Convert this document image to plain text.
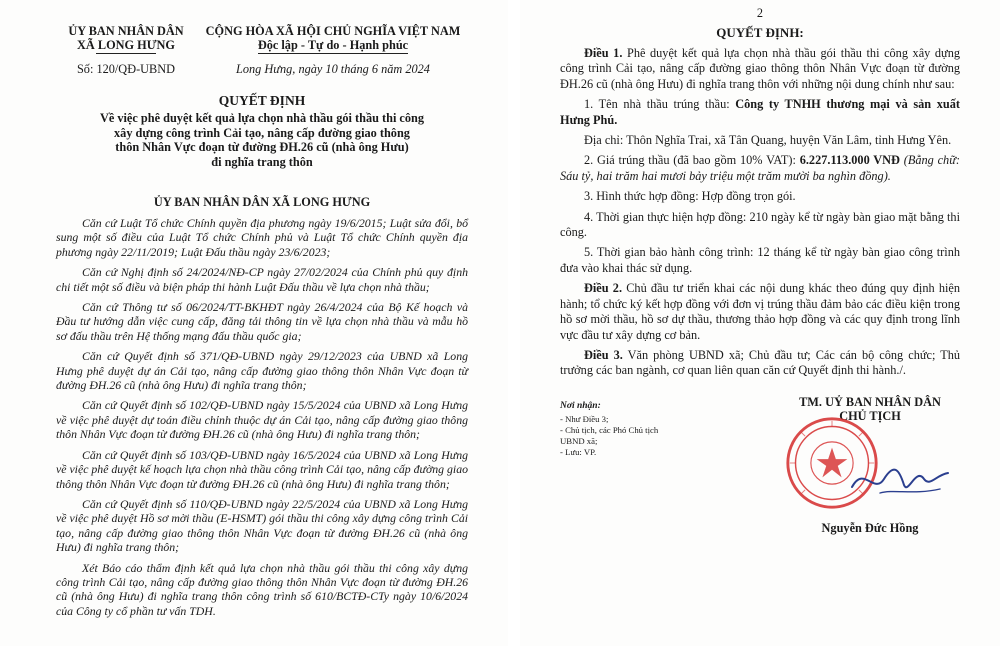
ỦY BAN NHÂN DÂN
XÃ LONG HƯNG
CỘNG HÒA XÃ HỘI CHỦ NGHĨA VIỆT NAM
Độc lập - Tự do - Hạnh phúc
Số: 120/QĐ-UBND	Long Hưng, ngày 10 tháng 6 năm 2024
QUYẾT ĐỊNH
Về việc phê duyệt kết quả lựa chọn nhà thầu gói thầu thi công
xây dựng công trình Cải tạo, nâng cấp đường giao thông
thôn Nhân Vực đoạn từ đường ĐH.26 cũ (nhà ông Hưu)
đi nghĩa trang thôn
ỦY BAN NHÂN DÂN XÃ LONG HƯNG

Căn cứ Luật Tổ chức Chính quyền địa phương ngày 19/6/2015; Luật sửa đổi, bổ sung một số điều của Luật Tổ chức Chính phủ và Luật Tổ chức Chính quyền địa phương ngày 22/11/2019; Luật Đấu thầu ngày 23/6/2023;

Căn cứ Nghị định số 24/2024/NĐ-CP ngày 27/02/2024 của Chính phủ quy định chi tiết một số điều và biện pháp thi hành Luật Đấu thầu về lựa chọn nhà thầu;

Căn cứ Thông tư số 06/2024/TT-BKHĐT ngày 26/4/2024 của Bộ Kế hoạch và Đầu tư hướng dẫn việc cung cấp, đăng tải thông tin về lựa chọn nhà thầu và mẫu hồ sơ đấu thầu trên Hệ thống mạng đấu thầu quốc gia;

Căn cứ Quyết định số 371/QĐ-UBND ngày 29/12/2023 của UBND xã Long Hưng phê duyệt dự án Cải tạo, nâng cấp đường giao thông thôn Nhân Vực đoạn từ đường ĐH.26 cũ (nhà ông Hưu) đi nghĩa trang thôn;

Căn cứ Quyết định số 102/QĐ-UBND ngày 15/5/2024 của UBND xã Long Hưng về việc phê duyệt dự toán điều chỉnh thuộc dự án Cải tạo, nâng cấp đường giao thông thôn Nhân Vực đoạn từ đường ĐH.26 cũ (nhà ông Hưu) đi nghĩa trang thôn;

Căn cứ Quyết định số 103/QĐ-UBND ngày 16/5/2024 của UBND xã Long Hưng về việc phê duyệt kế hoạch lựa chọn nhà thầu công trình Cải tạo, nâng cấp đường giao thông thôn Nhân Vực đoạn từ đường ĐH.26 cũ (nhà ông Hưu) đi nghĩa trang thôn;

Căn cứ Quyết định số 110/QĐ-UBND ngày 22/5/2024 của UBND xã Long Hưng về việc phê duyệt Hồ sơ mời thầu (E-HSMT) gói thầu thi công xây dựng công trình Cải tạo, nâng cấp đường giao thông thôn Nhân Vực đoạn từ đường ĐH.26 cũ (nhà ông Hưu) đi nghĩa trang thôn;

Xét Báo cáo thẩm định kết quả lựa chọn nhà thầu gói thầu thi công xây dựng công trình Cải tạo, nâng cấp đường giao thông thôn Nhân Vực đoạn từ đường ĐH.26 cũ (nhà ông Hưu) đi nghĩa trang thôn công trình số 610/BCTĐ-CTy ngày 10/6/2024 của Công ty cổ phần tư vấn TDH.

2
QUYẾT ĐỊNH:

Điều 1. Phê duyệt kết quả lựa chọn nhà thầu gói thầu thi công xây dựng công trình Cải tạo, nâng cấp đường giao thông thôn Nhân Vực đoạn từ đường ĐH.26 cũ (nhà ông Hưu) đi nghĩa trang thôn với những nội dung chính như sau:

1. Tên nhà thầu trúng thầu: Công ty TNHH thương mại và sản xuất Hưng Phú.

Địa chỉ: Thôn Nghĩa Trai, xã Tân Quang, huyện Văn Lâm, tỉnh Hưng Yên.

2. Giá trúng thầu (đã bao gồm 10% VAT): 6.227.113.000 VNĐ (Bằng chữ: Sáu tỷ, hai trăm hai mươi bảy triệu một trăm mười ba nghìn đồng).

3. Hình thức hợp đồng: Hợp đồng trọn gói.

4. Thời gian thực hiện hợp đồng: 210 ngày kể từ ngày bàn giao mặt bằng thi công.

5. Thời gian bảo hành công trình: 12 tháng kể từ ngày bàn giao công trình đưa vào khai thác sử dụng.

Điều 2. Chủ đầu tư triển khai các nội dung khác theo đúng quy định hiện hành; tổ chức ký kết hợp đồng với đơn vị trúng thầu đảm bảo các điều kiện trong hồ sơ mời thầu, hồ sơ dự thầu, thương thảo hợp đồng và các quy định trong lĩnh vực đầu tư xây dựng cơ bản.

Điều 3. Văn phòng UBND xã; Chủ đầu tư; Các cán bộ công chức; Thủ trưởng các ban ngành, cơ quan liên quan căn cứ Quyết định thi hành./.

Nơi nhận:
- Như Điều 3;
- Chủ tịch, các Phó Chủ tịch
UBND xã;
- Lưu: VP.
TM. UỶ BAN NHÂN DÂN
CHỦ TỊCH
Nguyễn Đức Hồng
